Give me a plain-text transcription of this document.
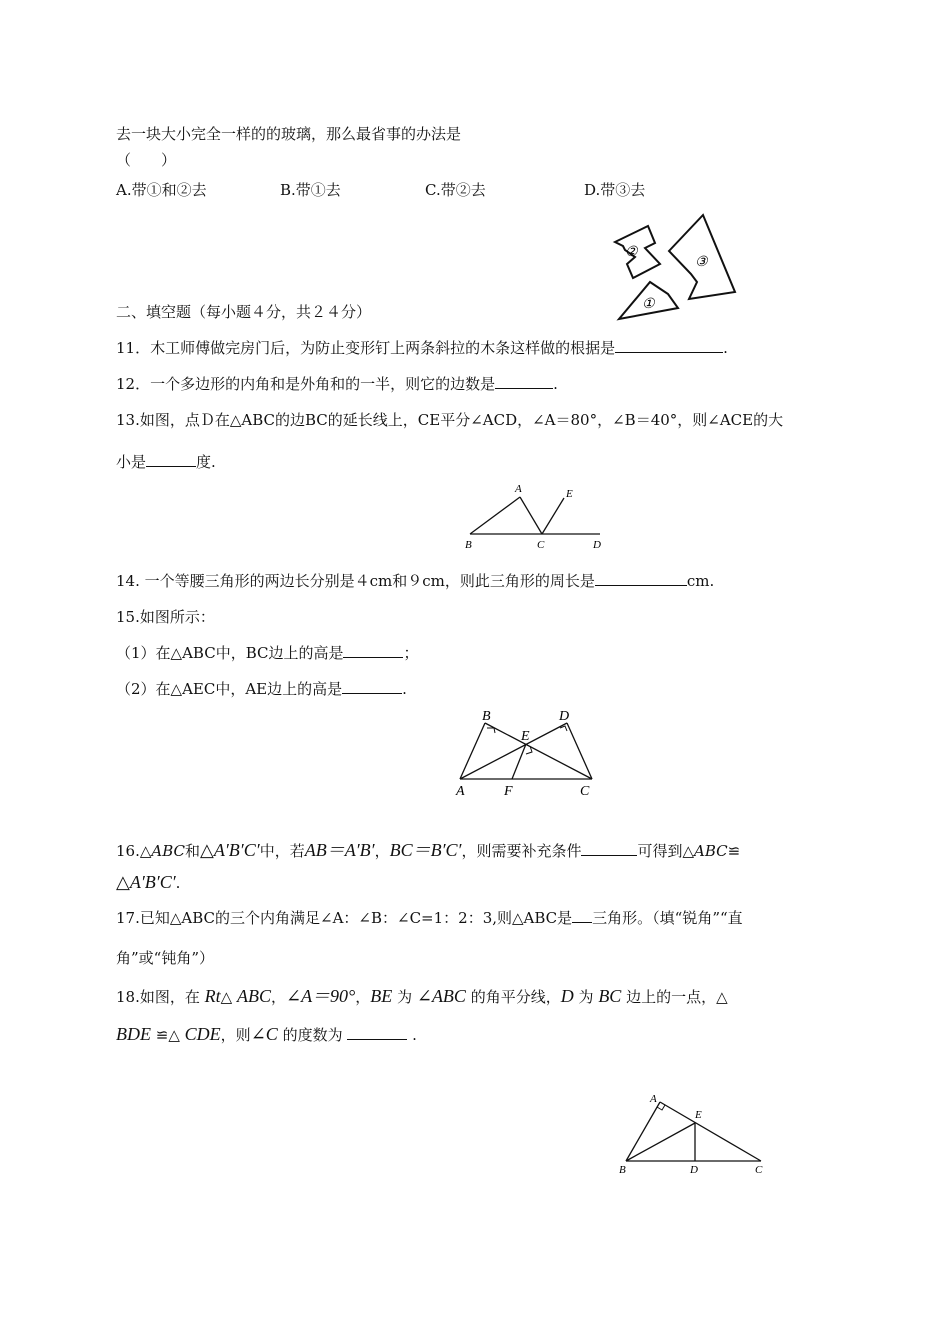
去一块大小完全一样的的玻璃，那么最省事的办法是
（　　）
A.带①和②去	B.带①去	C.带②去	D.带③去
②
③
①
二、填空题（每小题４分，共２４分）
11．木工师傅做完房门后，为防止变形钉上两条斜拉的木条这样做的根据是	.
12．一个多边形的内角和是外角和的一半，则它的边数是	.
13.如图，点Ｄ在△ABC的边BC的延长线上，CE平分∠ACD，∠A＝80°，∠B＝40°，则∠ACE的大
小是	度.
A	E
B	C	D
14. 一个等腰三角形的两边长分别是４cm和９cm，则此三角形的周长是	cm.
15.如图所示：
（1）在△ABC中，BC边上的高是	；
（2）在△AEC中，AE边上的高是	.
B	D
E
A	F	C
16.△ABC和△A′B′C′中，若AB＝A′B′，BC＝B′C′，则需要补充条件	可得到△ABC≌
△A′B′C′.
17.已知△ABC的三个内角满足∠A：∠B：∠C=1：2：3,则△ABC是 三角形。（填“锐角”“直
角”或“钝角”）
18.如图，在 Rt△ ABC，∠A＝90°，BE 为 ∠ABC 的角平分线，D 为 BC 边上的一点，△
BDE ≌△ CDE，则∠C 的度数为	.
A
E
B	D	C
